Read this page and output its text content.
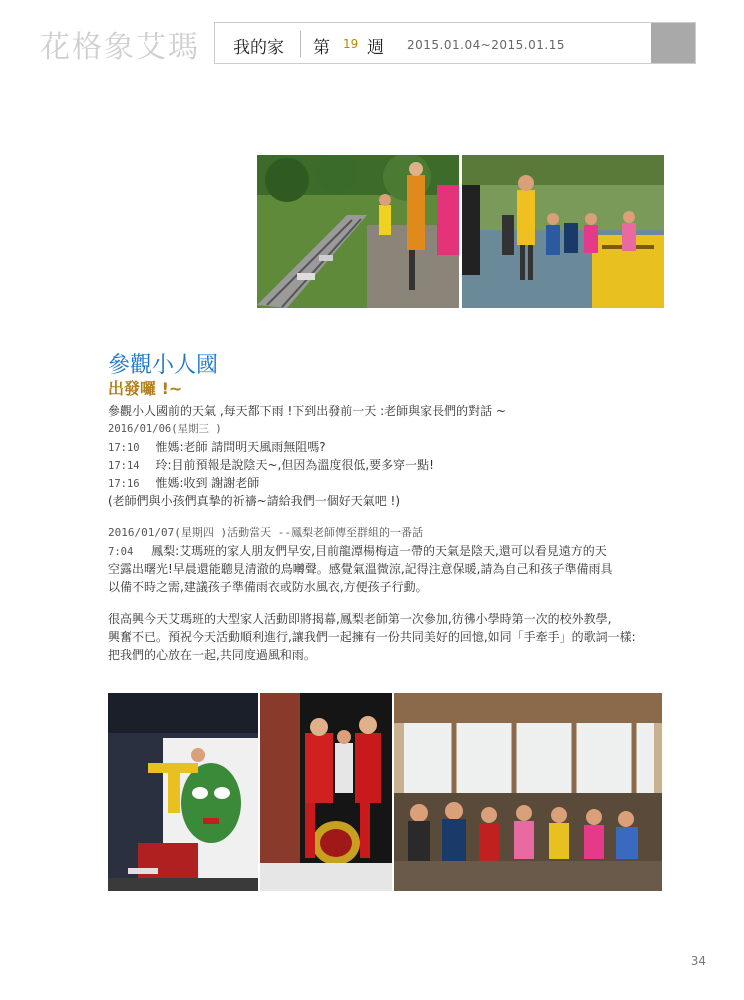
花格象艾瑪 我的家 第 19 週 2015.01.04~2015.01.15
參觀小人國
出發囉 !~
參觀小人國前的天氣 ,每天都下雨 !下到出發前一天 :老師與家長們的對話 ~
2016/01/06(星期三 )
17:10 惟媽:老師 請問明天風雨無阻嗎?
17:14 玲:目前預報是說陰天~,但因為溫度很低,要多穿一點!
17:16 惟媽:收到 謝謝老師
(老師們與小孩們真摯的祈禱~請給我們一個好天氣吧 !)
2016/01/07(星期四 )活動當天 --鳳梨老師傳至群組的一番話
7:04 鳳梨:艾瑪班的家人朋友們早安,目前龍潭楊梅這一帶的天氣是陰天,還可以看見遠方的天
空露出曙光!早晨還能聽見清澈的鳥囀聲。感覺氣溫微涼,記得注意保暖,請為自己和孩子準備雨具
以備不時之需,建議孩子準備雨衣或防水風衣,方便孩子行動。
很高興今天艾瑪班的大型家人活動即將揭幕,鳳梨老師第一次參加,彷彿小學時第一次的校外教學,
興奮不已。預祝今天活動順利進行,讓我們一起擁有一份共同美好的回憶,如同「手牽手」的歌詞一樣:
把我們的心放在一起,共同度過風和雨。
34
